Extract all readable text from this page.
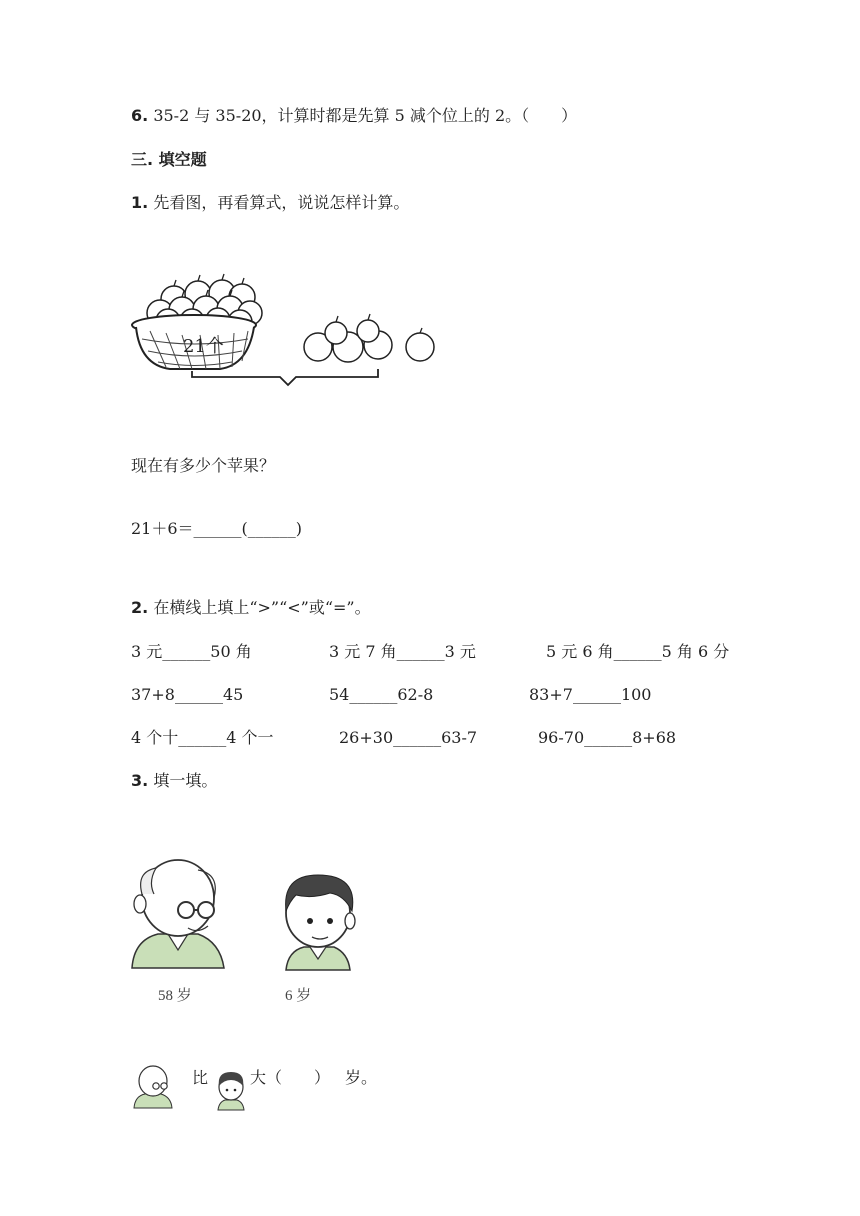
6. 35-2 与 35-20，计算时都是先算 5 减个位上的 2。（　　）
三. 填空题
1. 先看图，再看算式，说说怎样计算。
21个
现在有多少个苹果？
21＋6＝______(______)
2. 在横线上填上“>”“<”或“=”。
3 元______50 角	3 元 7 角______3 元	5 元 6 角______5 角 6 分
37+8______45	54______62-8	83+7______100
4 个十______4 个一	26+30______63-7	96-70______8+68
3. 填一填。
58 岁	6 岁
比	大（　　） 岁。
